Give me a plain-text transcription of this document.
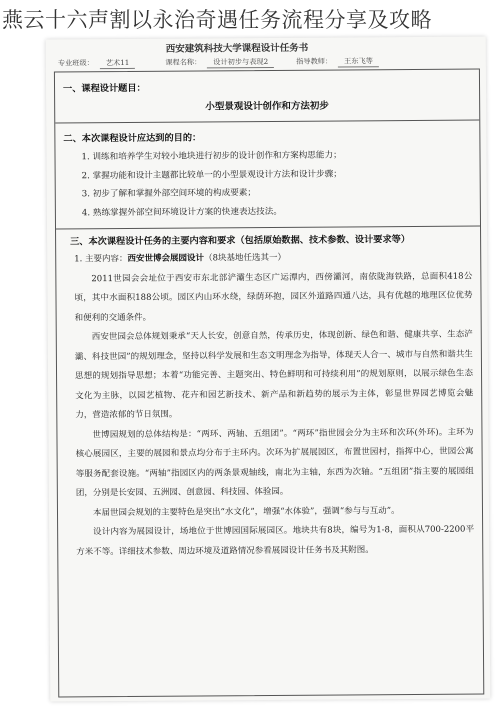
燕云十六声割以永治奇遇任务流程分享及攻略
西安建筑科技大学课程设计任务书
专业班级：	艺术11	课程名称：	设计初步与表现2	指导教师：	王东飞等
一、课程设计题目：
小型景观设计创作和方法初步
二、本次课程设计应达到的目的：
1. 训练和培养学生对较小地块进行初步的设计创作和方案构思能力；
2. 掌握功能和设计主题都比较单一的小型景观设计方法和设计步骤；
3. 初步了解和掌握外部空间环境的构成要素；
4. 熟练掌握外部空间环境设计方案的快速表达技法。
三、本次课程设计任务的主要内容和要求（包括原始数据、技术参数、设计要求等）
1. 主要内容：西安世博会展园设计（8块基地任选其一）

2011世园会会址位于西安市东北部浐灞生态区广运潭内，西傍灞河，南依陇海铁路，总面积418公顷，其中水面积188公顷。园区内山环水绕，绿荫环抱，园区外道路四通八达，具有优越的地理区位优势和便利的交通条件。

西安世园会总体规划秉承“天人长安，创意自然，传承历史，体现创新、绿色和谐、健康共享、生态浐灞、科技世园”的规划理念，坚持以科学发展和生态文明理念为指导，体现天人合一、城市与自然和谐共生思想的规划指导思想；本着“功能完善、主题突出、特色鲜明和可持续利用”的规划原则，以展示绿色生态文化为主脉，以园艺植物、花卉和园艺新技术、新产品和新趋势的展示为主体，彰显世界园艺博览会魅力，营造浓郁的节日氛围。

世博园规划的总体结构是：“两环、两轴、五组团”。“两环”指世园会分为主环和次环(外环)。主环为核心展园区，主要的展园和景点均分布于主环内。次环为扩展展园区，布置世园村，指挥中心，世园公寓等服务配套设施。“两轴”指园区内的两条景观轴线，南北为主轴，东西为次轴。“五组团”指主要的展园组团，分别是长安园、五洲园、创意园、科技园、体验园。

本届世园会规划的主要特色是突出“水文化”，增强“水体验”，强调“参与与互动”。

设计内容为展园设计，场地位于世博园国际展园区。地块共有8块，编号为1-8，面积从700-2200平方米不等。详细技术参数、周边环境及道路情况参看展园设计任务书及其附图。
